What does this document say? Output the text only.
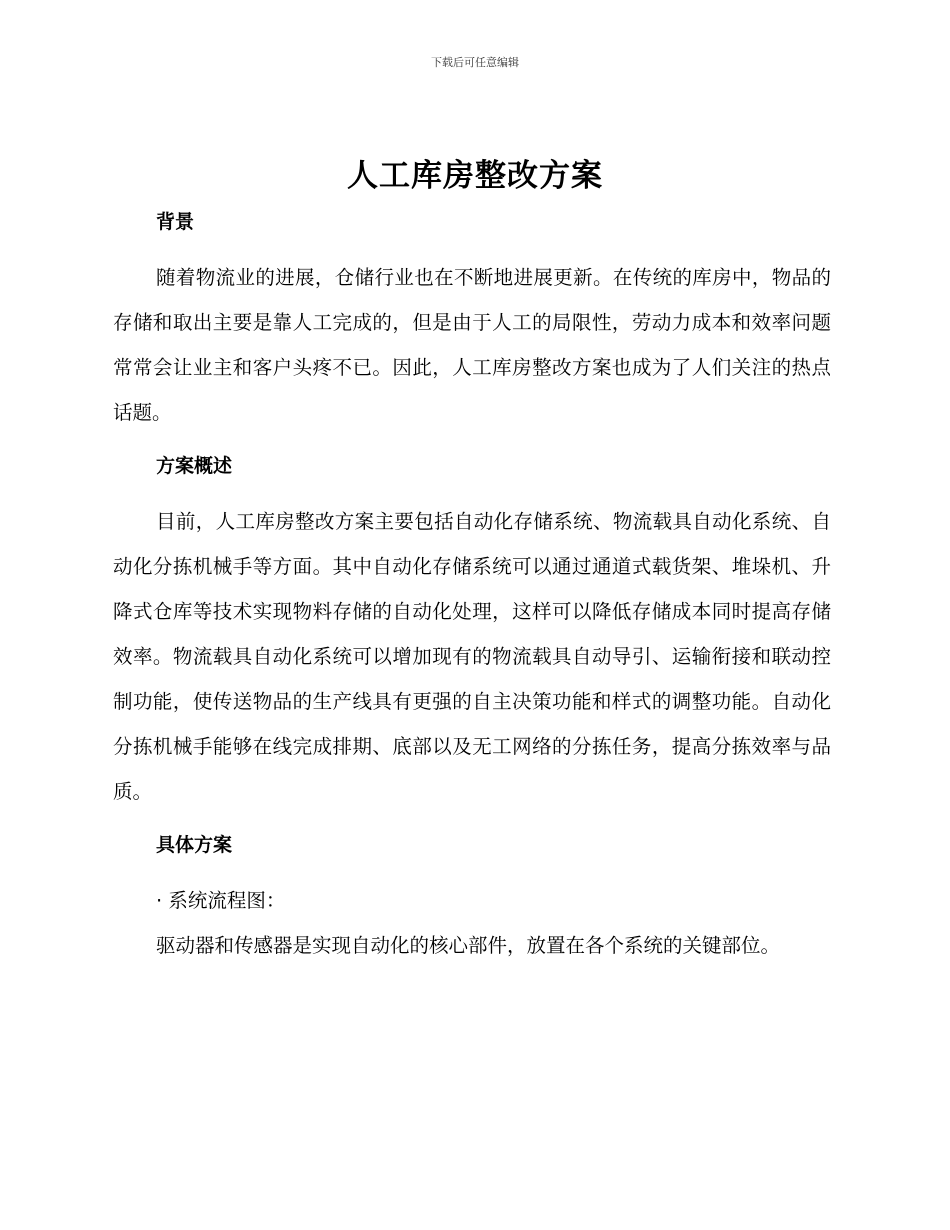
下载后可任意编辑
人工库房整改方案
背景

随着物流业的进展，仓储行业也在不断地进展更新。在传统的库房中，物品的存储和取出主要是靠人工完成的，但是由于人工的局限性，劳动力成本和效率问题常常会让业主和客户头疼不已。因此，人工库房整改方案也成为了人们关注的热点话题。

方案概述

目前，人工库房整改方案主要包括自动化存储系统、物流载具自动化系统、自动化分拣机械手等方面。其中自动化存储系统可以通过通道式载货架、堆垛机、升降式仓库等技术实现物料存储的自动化处理，这样可以降低存储成本同时提高存储效率。物流载具自动化系统可以增加现有的物流载具自动导引、运输衔接和联动控制功能，使传送物品的生产线具有更强的自主决策功能和样式的调整功能。自动化分拣机械手能够在线完成排期、底部以及无工网络的分拣任务，提高分拣效率与品质。

具体方案

· 系统流程图：

驱动器和传感器是实现自动化的核心部件，放置在各个系统的关键部位。
